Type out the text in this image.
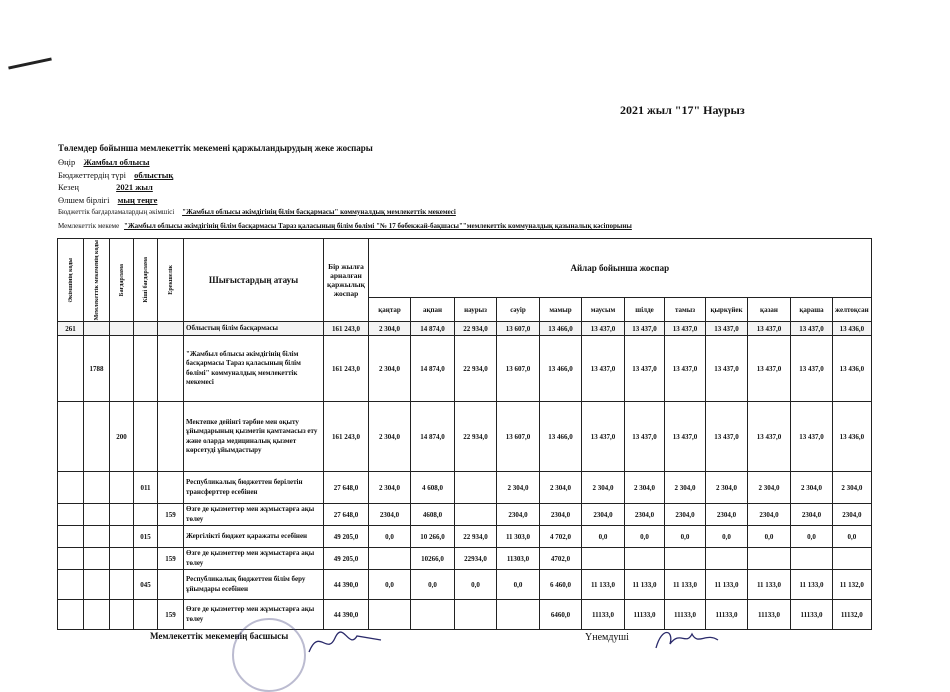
2021 жыл "17" Наурыз
Төлемдер бойынша мемлекеттік мекемені қаржыландырудың жеке жоспары
Өңір Жамбыл облысы
Бюджеттердің түрі облыстық
Кезең	2021 жыл
Өлшем бірлігі мың теңге
Бюджеттік бағдарламалардың әкімшісі "Жамбыл облысы әкімдігінің білім басқармасы" коммуналдық мемлекеттік мекемесі
Мемлекеттік мекеме "Жамбыл облысы әкімдігінің білім басқармасы Тараз қаласының білім бөлімі "№ 17 бөбекжай-бақшасы""мемлекеттік коммуналдық қазыналық кәсіпорыны
Әкімшінің коды	Мемлекеттік мекеменің коды	Бағдарлама	Кіші бағдарлама	Ерекшелік	Шығыстардың атауы	Бір жылға арналған қаржылық жоспар	Айлар бойынша жоспар											
							қаңтар	ақпан	наурыз	сәуір	мамыр	маусым	шілде	тамыз	қыркүйек	қазан	қараша	желтоқсан
261					Облыстың білім басқармасы	161 243,0	2 304,0	14 874,0	22 934,0	13 607,0	13 466,0	13 437,0	13 437,0	13 437,0	13 437,0	13 437,0	13 437,0	13 436,0
	1788				"Жамбыл облысы әкімдігінің білім басқармасы Тараз қаласының білім бөлімі" коммуналдық мемлекеттік мекемесі	161 243,0	2 304,0	14 874,0	22 934,0	13 607,0	13 466,0	13 437,0	13 437,0	13 437,0	13 437,0	13 437,0	13 437,0	13 436,0
		200			Мектепке дейінгі тәрбие мен оқыту ұйымдарының қызметін қамтамасыз ету және оларда медициналық қызмет көрсетуді ұйымдастыру	161 243,0	2 304,0	14 874,0	22 934,0	13 607,0	13 466,0	13 437,0	13 437,0	13 437,0	13 437,0	13 437,0	13 437,0	13 436,0
			011		Республикалық бюджеттен берілетін трансферттер есебінен	27 648,0	2 304,0	4 608,0		2 304,0	2 304,0	2 304,0	2 304,0	2 304,0	2 304,0	2 304,0	2 304,0	2 304,0
				159	Өзге де қызметтер мен жұмыстарға ақы төлеу	27 648,0	2304,0	4608,0		2304,0	2304,0	2304,0	2304,0	2304,0	2304,0	2304,0	2304,0	2304,0
			015		Жергілікті бюджет қаражаты есебінен	49 205,0	0,0	10 266,0	22 934,0	11 303,0	4 702,0	0,0	0,0	0,0	0,0	0,0	0,0	0,0
				159	Өзге де қызметтер мен жұмыстарға ақы төлеу	49 205,0		10266,0	22934,0	11303,0	4702,0							
			045		Республикалық бюджеттен білім беру ұйымдары есебінен	44 390,0	0,0	0,0	0,0	0,0	6 460,0	11 133,0	11 133,0	11 133,0	11 133,0	11 133,0	11 133,0	11 132,0
				159	Өзге де қызметтер мен жұмыстарға ақы төлеу	44 390,0					6460,0	11133,0	11133,0	11133,0	11133,0	11133,0	11133,0	11132,0
Мемлекеттік мекеменің басшысы	Үнемдуші
